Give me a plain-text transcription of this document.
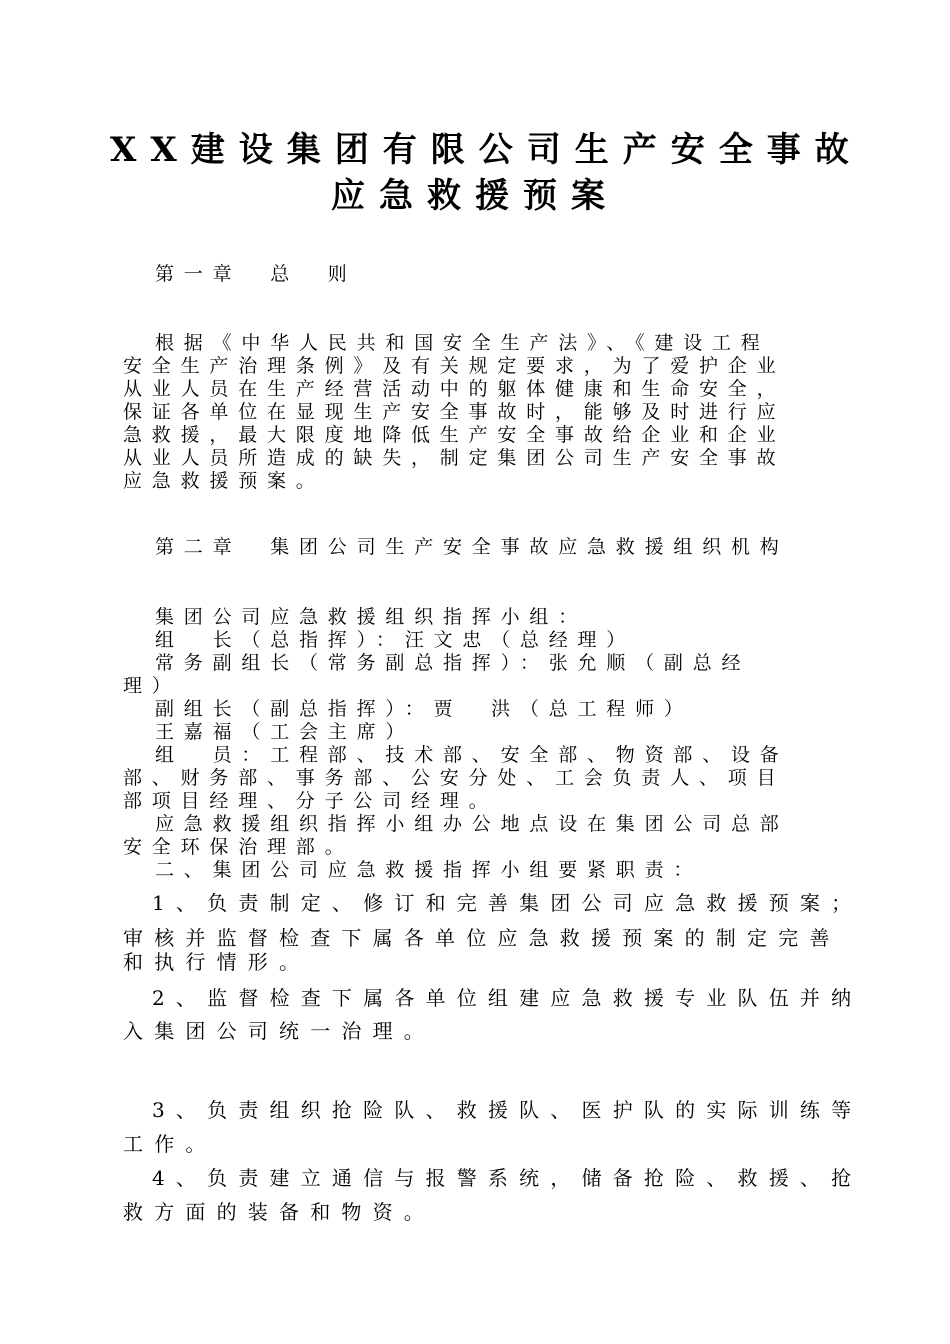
XX建设集团有限公司生产安全事故
应急救援预案
第一章　总　则
根据《中华人民共和国安全生产法》、《建设工程
安全生产治理条例》及有关规定要求，为了爱护企业
从业人员在生产经营活动中的躯体健康和生命安全，
保证各单位在显现生产安全事故时，能够及时进行应
急救援，最大限度地降低生产安全事故给企业和企业
从业人员所造成的缺失，制定集团公司生产安全事故
应急救援预案。
第二章　集团公司生产安全事故应急救援组织机构
集团公司应急救援组织指挥小组：
组　长（总指挥）：汪文忠（总经理）
常务副组长（常务副总指挥）：张允顺（副总经
理）
副组长（副总指挥）：贾　洪（总工程师）
王嘉福（工会主席）
组　员：工程部、技术部、安全部、物资部、设备
部、财务部、事务部、公安分处、工会负责人、项目
部项目经理、分子公司经理。
应急救援组织指挥小组办公地点设在集团公司总部
安全环保治理部。
二、集团公司应急救援指挥小组要紧职责：
1、负责制定、修订和完善集团公司应急救援预案；
审核并监督检查下属各单位应急救援预案的制定完善
和执行情形。
2、监督检查下属各单位组建应急救援专业队伍并纳
入集团公司统一治理。
3、负责组织抢险队、救援队、医护队的实际训练等
工作。
4、负责建立通信与报警系统，储备抢险、救援、抢
救方面的装备和物资。
